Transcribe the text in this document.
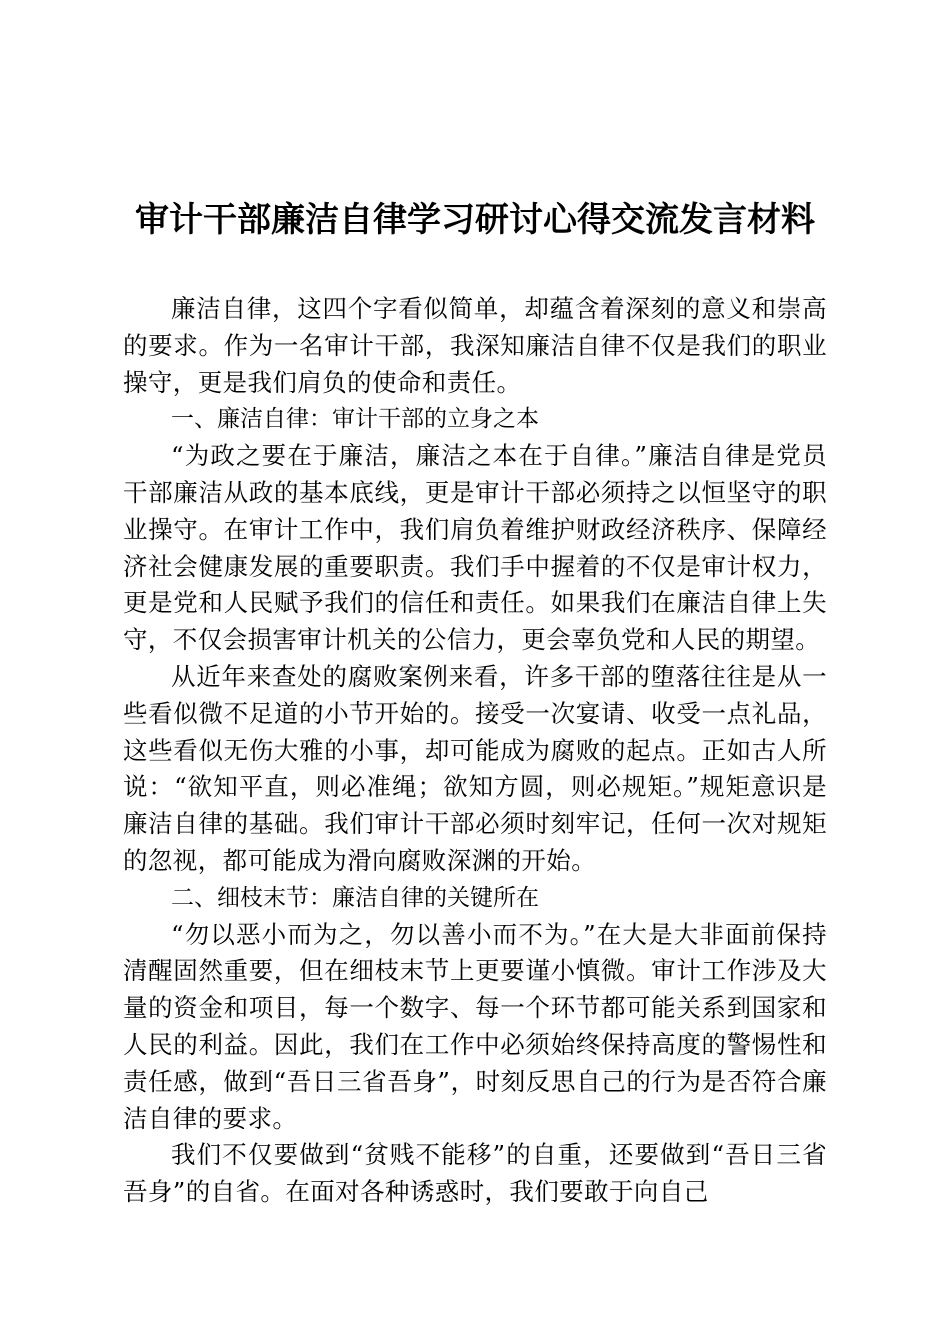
审计干部廉洁自律学习研讨心得交流发言材料

廉洁自律，这四个字看似简单，却蕴含着深刻的意义和崇高的要求。作为一名审计干部，我深知廉洁自律不仅是我们的职业操守，更是我们肩负的使命和责任。

一、廉洁自律：审计干部的立身之本

“为政之要在于廉洁，廉洁之本在于自律。”廉洁自律是党员干部廉洁从政的基本底线，更是审计干部必须持之以恒坚守的职业操守。在审计工作中，我们肩负着维护财政经济秩序、保障经济社会健康发展的重要职责。我们手中握着的不仅是审计权力，更是党和人民赋予我们的信任和责任。如果我们在廉洁自律上失守，不仅会损害审计机关的公信力，更会辜负党和人民的期望。

从近年来查处的腐败案例来看，许多干部的堕落往往是从一些看似微不足道的小节开始的。接受一次宴请、收受一点礼品，这些看似无伤大雅的小事，却可能成为腐败的起点。正如古人所说：“欲知平直，则必准绳；欲知方圆，则必规矩。”规矩意识是廉洁自律的基础。我们审计干部必须时刻牢记，任何一次对规矩的忽视，都可能成为滑向腐败深渊的开始。

二、细枝末节：廉洁自律的关键所在

“勿以恶小而为之，勿以善小而不为。”在大是大非面前保持清醒固然重要，但在细枝末节上更要谨小慎微。审计工作涉及大量的资金和项目，每一个数字、每一个环节都可能关系到国家和人民的利益。因此，我们在工作中必须始终保持高度的警惕性和责任感，做到“吾日三省吾身”，时刻反思自己的行为是否符合廉洁自律的要求。

我们不仅要做到“贫贱不能移”的自重，还要做到“吾日三省吾身”的自省。在面对各种诱惑时，我们要敢于向自己
